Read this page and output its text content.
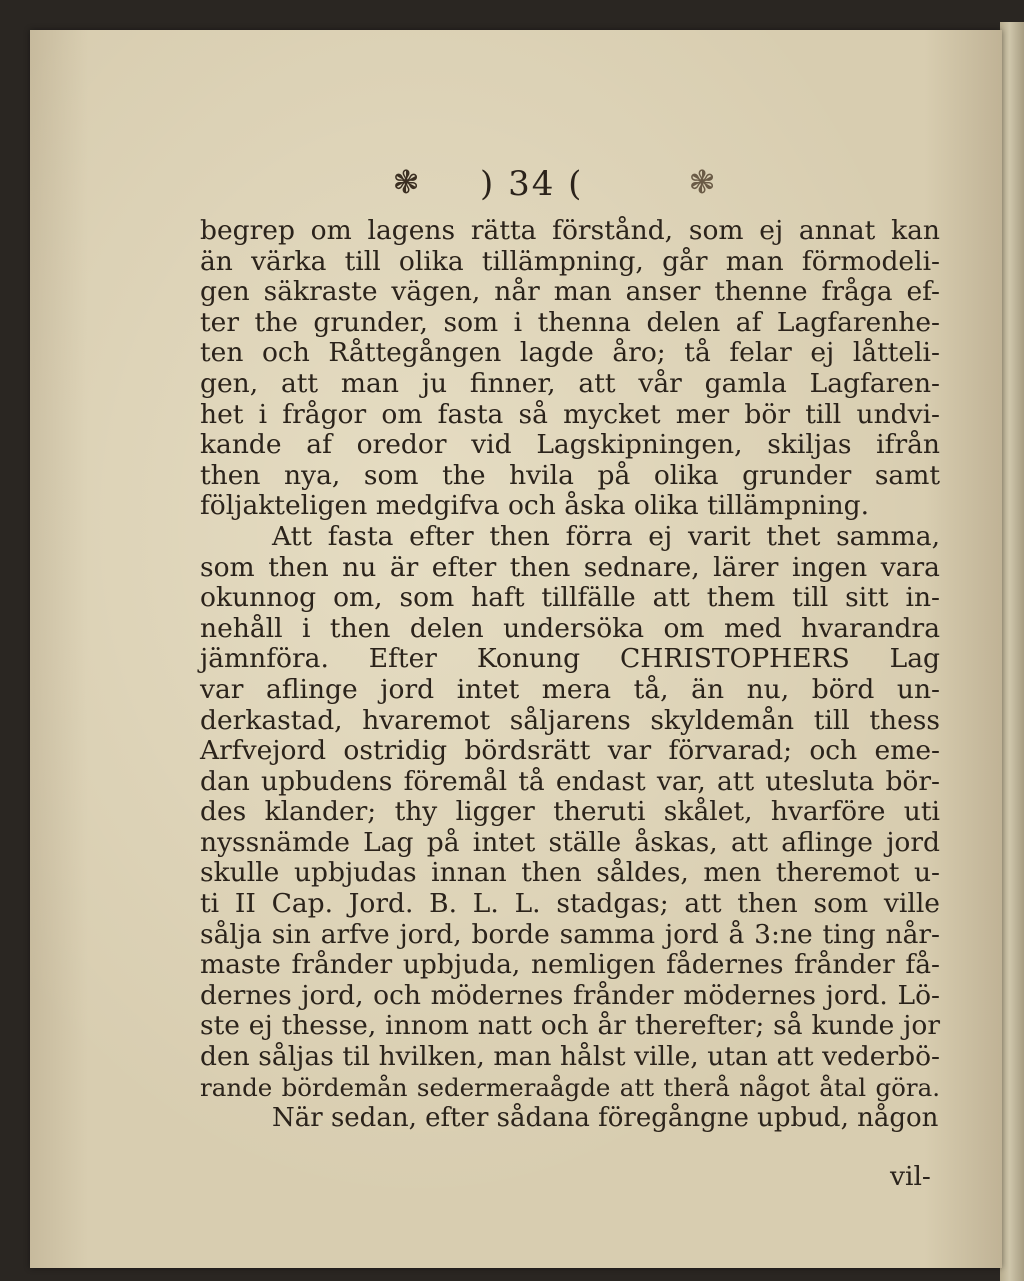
❃ ) 34 (	❃
begrep om lagens rätta förstånd, som ej annat kan
än värka till olika tillämpning, går man förmodeli-
gen säkraste vägen, når man anser thenne fråga ef-
ter the grunder, som i thenna delen af Lagfarenhe-
ten och Råttegången lagde åro; tå felar ej låtteli-
gen, att man ju finner, att vår gamla Lagfaren-
het i frågor om fasta så mycket mer bör till undvi-
kande af oredor vid Lagskipningen, skiljas ifrån
then nya, som the hvila på olika grunder samt
följakteligen medgifva och åska olika tillämpning.
Att fasta efter then förra ej varit thet samma,
som then nu är efter then sednare, lärer ingen vara
okunnog om, som haft tillfälle att them till sitt in-
nehåll i then delen undersöka om med hvarandra
jämnföra. Efter Konung CHRISTOPHERS Lag
var aflinge jord intet mera tå, än nu, börd un-
derkastad, hvaremot såljarens skyldemån till thess
Arfvejord ostridig bördsrätt var förvarad; och eme-
dan upbudens föremål tå endast var, att utesluta bör-
des klander; thy ligger theruti skålet, hvarföre uti
nyssnämde Lag på intet ställe åskas, att aflinge jord
skulle upbjudas innan then såldes, men theremot u-
ti II Cap. Jord. B. L. L. stadgas; att then som ville
sålja sin arfve jord, borde samma jord å 3:ne ting når-
maste frånder upbjuda, nemligen fådernes frånder få-
dernes jord, och mödernes frånder mödernes jord. Lö-
ste ej thesse, innom natt och år therefter; så kunde jor
den såljas til hvilken, man hålst ville, utan att vederbö-
rande bördemån sedermeraågde att therå något åtal göra.
När sedan, efter sådana föregångne upbud, någon
vil-
